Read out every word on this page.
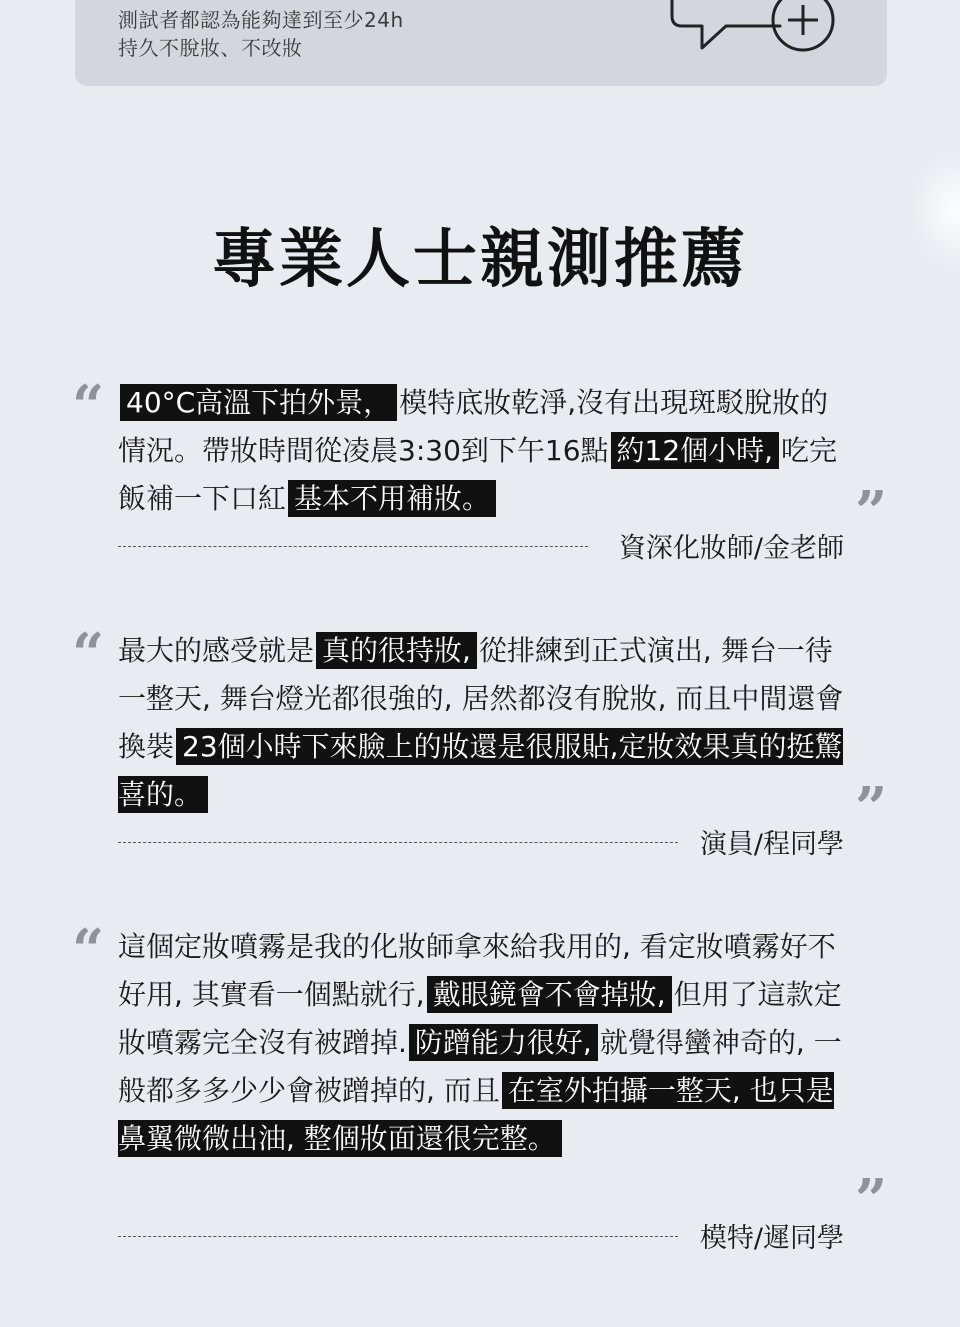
測試者都認為能夠達到至少24h
持久不脫妝、不改妝
專業人士親測推薦
“ 40°C高溫下拍外景， 模特底妝乾淨,沒有出現斑駁脫妝的情況。帶妝時間從凌晨3:30到下午16點 約12個小時, 吃完飯補一下口紅 基本不用補妝。	”
資深化妝師/金老師
“ 最大的感受就是 真的很持妝, 從排練到正式演出, 舞台一待一整天, 舞台燈光都很強的, 居然都沒有脫妝, 而且中間還會換裝 23個小時下來臉上的妝還是很服貼,定妝效果真的挺驚喜的。	”
演員/程同學
“ 這個定妝噴霧是我的化妝師拿來給我用的, 看定妝噴霧好不好用, 其實看一個點就行, 戴眼鏡會不會掉妝, 但用了這款定妝噴霧完全沒有被蹭掉. 防蹭能力很好, 就覺得蠻神奇的, 一般都多多少少會被蹭掉的, 而且 在室外拍攝一整天, 也只是鼻翼微微出油, 整個妝面還很完整。
”
模特/遲同學
